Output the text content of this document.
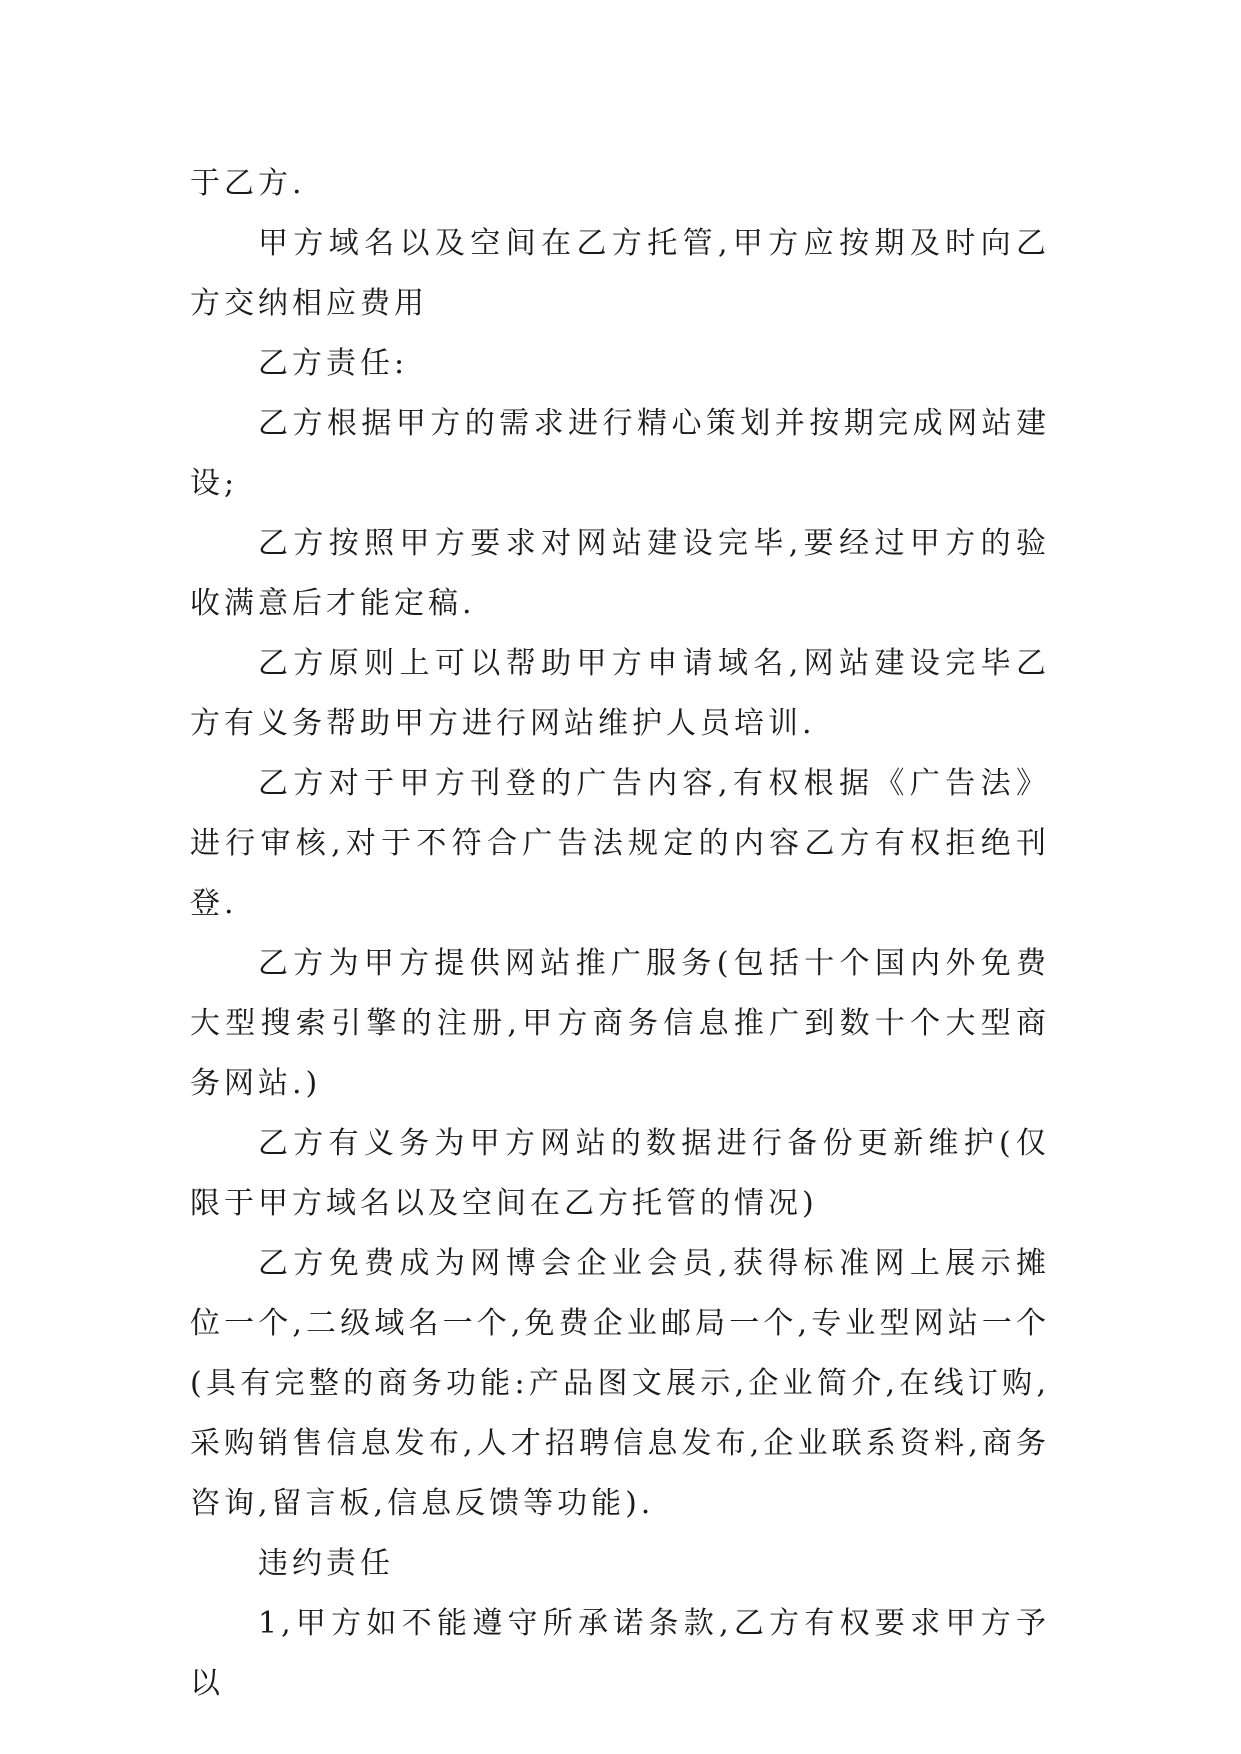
于乙方.

甲方域名以及空间在乙方托管,甲方应按期及时向乙方交纳相应费用

乙方责任:

乙方根据甲方的需求进行精心策划并按期完成网站建设;

乙方按照甲方要求对网站建设完毕,要经过甲方的验收满意后才能定稿.

乙方原则上可以帮助甲方申请域名,网站建设完毕乙方有义务帮助甲方进行网站维护人员培训.

乙方对于甲方刊登的广告内容,有权根据《广告法》进行审核,对于不符合广告法规定的内容乙方有权拒绝刊登.

乙方为甲方提供网站推广服务(包括十个国内外免费大型搜索引擎的注册,甲方商务信息推广到数十个大型商务网站.)

乙方有义务为甲方网站的数据进行备份更新维护(仅限于甲方域名以及空间在乙方托管的情况)

乙方免费成为网博会企业会员,获得标准网上展示摊位一个,二级域名一个,免费企业邮局一个,专业型网站一个(具有完整的商务功能:产品图文展示,企业简介,在线订购,采购销售信息发布,人才招聘信息发布,企业联系资料,商务咨询,留言板,信息反馈等功能).

违约责任

1,甲方如不能遵守所承诺条款,乙方有权要求甲方予以
